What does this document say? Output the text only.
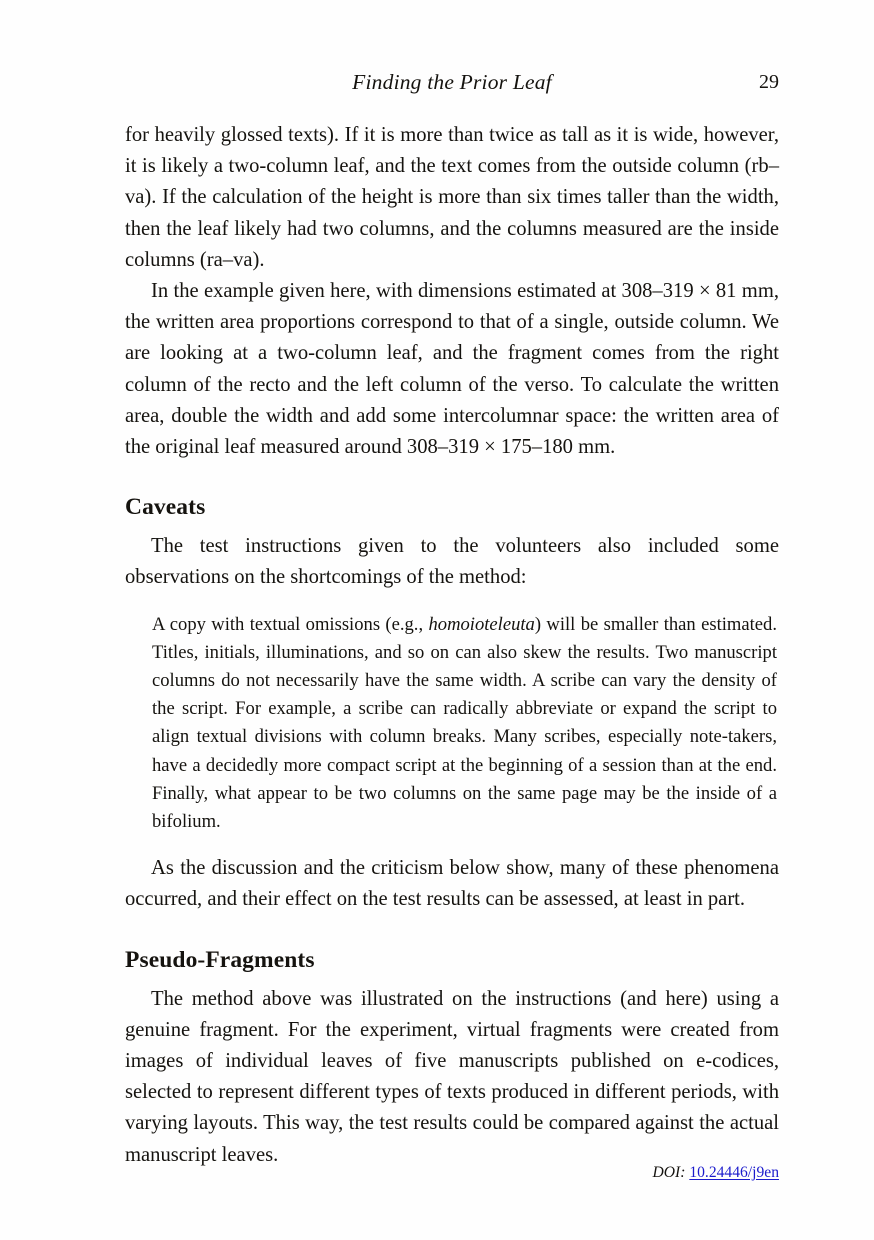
Finding the Prior Leaf	29

for heavily glossed texts). If it is more than twice as tall as it is wide, however, it is likely a two-column leaf, and the text comes from the outside column (rb–va). If the calculation of the height is more than six times taller than the width, then the leaf likely had two columns, and the columns measured are the inside columns (ra–va).

In the example given here, with dimensions estimated at 308–319 × 81 mm, the written area proportions correspond to that of a single, outside column. We are looking at a two-column leaf, and the fragment comes from the right column of the recto and the left column of the verso. To calculate the written area, double the width and add some intercolumnar space: the written area of the original leaf measured around 308–319 × 175–180 mm.

Caveats

The test instructions given to the volunteers also included some observations on the shortcomings of the method:

A copy with textual omissions (e.g., homoioteleuta) will be smaller than estimated. Titles, initials, illuminations, and so on can also skew the results. Two manuscript columns do not necessarily have the same width. A scribe can vary the density of the script. For example, a scribe can radically abbreviate or expand the script to align textual divisions with column breaks. Many scribes, especially note-takers, have a decidedly more compact script at the beginning of a session than at the end. Finally, what appear to be two columns on the same page may be the inside of a bifolium.

As the discussion and the criticism below show, many of these phenomena occurred, and their effect on the test results can be assessed, at least in part.

Pseudo-Fragments

The method above was illustrated on the instructions (and here) using a genuine fragment. For the experiment, virtual fragments were created from images of individual leaves of five manuscripts published on e-codices, selected to represent different types of texts produced in different periods, with varying layouts. This way, the test results could be compared against the actual manuscript leaves.

DOI: 10.24446/j9en
